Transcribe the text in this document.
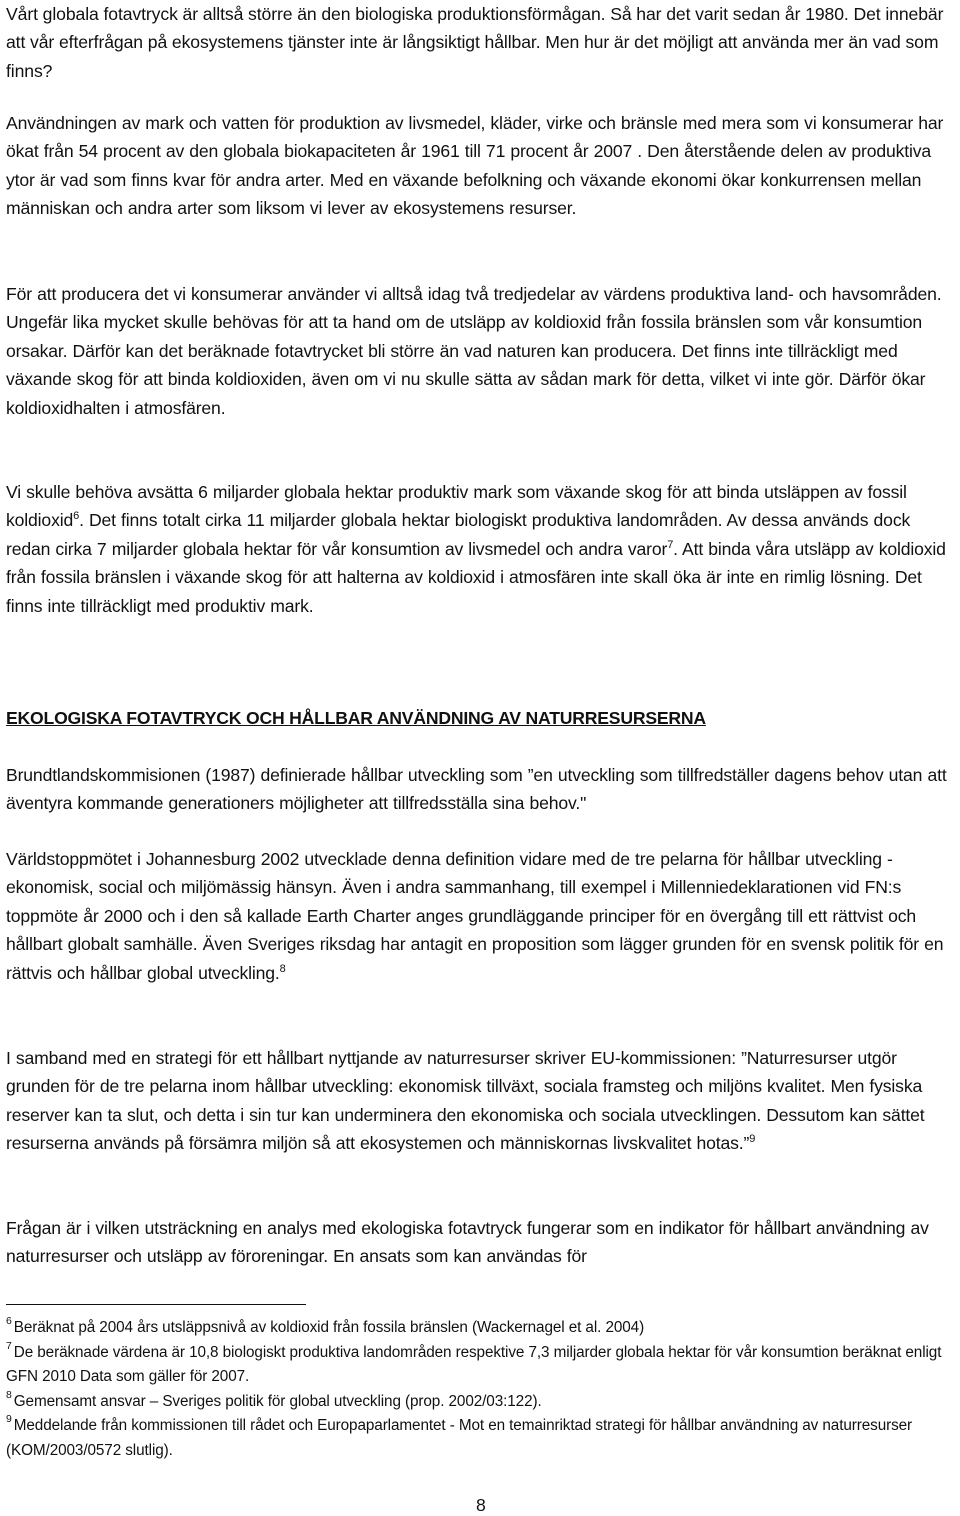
Vårt globala fotavtryck är alltså större än den biologiska produktionsförmågan. Så har det varit sedan år 1980. Det innebär att vår efterfrågan på ekosystemens tjänster inte är långsiktigt hållbar. Men hur är det möjligt att använda mer än vad som finns?

Användningen av mark och vatten för produktion av livsmedel, kläder, virke och bränsle med mera som vi konsumerar har ökat från 54 procent av den globala biokapaciteten år 1961 till 71 procent år 2007 . Den återstående delen av produktiva ytor är vad som finns kvar för andra arter. Med en växande befolkning och växande ekonomi ökar konkurrensen mellan människan och andra arter som liksom vi lever av ekosystemens resurser.

För att producera det vi konsumerar använder vi alltså idag två tredjedelar av värdens produktiva land- och havsområden. Ungefär lika mycket skulle behövas för att ta hand om de utsläpp av koldioxid från fossila bränslen som vår konsumtion orsakar. Därför kan det beräknade fotavtrycket bli större än vad naturen kan producera. Det finns inte tillräckligt med växande skog för att binda koldioxiden, även om vi nu skulle sätta av sådan mark för detta, vilket vi inte gör. Därför ökar koldioxidhalten i atmosfären.

Vi skulle behöva avsätta 6 miljarder globala hektar produktiv mark som växande skog för att binda utsläppen av fossil koldioxid$^6$. Det finns totalt cirka 11 miljarder globala hektar biologiskt produktiva landområden. Av dessa används dock redan cirka 7 miljarder globala hektar för vår konsumtion av livsmedel och andra varor$^7$. Att binda våra utsläpp av koldioxid från fossila bränslen i växande skog för att halterna av koldioxid i atmosfären inte skall öka är inte en rimlig lösning. Det finns inte tillräckligt med produktiv mark.

EKOLOGISKA FOTAVTRYCK OCH HÅLLBAR ANVÄNDNING AV NATURRESURSERNA

Brundtlandskommisionen (1987) definierade hållbar utveckling som ”en utveckling som tillfredställer dagens behov utan att äventyra kommande generationers möjligheter att tillfredsställa sina behov."

Världstoppmötet i Johannesburg 2002 utvecklade denna definition vidare med de tre pelarna för hållbar utveckling - ekonomisk, social och miljömässig hänsyn. Även i andra sammanhang, till exempel i Millenniedeklarationen vid FN:s toppmöte år 2000 och i den så kallade Earth Charter anges grundläggande principer för en övergång till ett rättvist och hållbart globalt samhälle. Även Sveriges riksdag har antagit en proposition som lägger grunden för en svensk politik för en rättvis och hållbar global utveckling.$^8$

I samband med en strategi för ett hållbart nyttjande av naturresurser skriver EU-kommissionen: ”Naturresurser utgör grunden för de tre pelarna inom hållbar utveckling: ekonomisk tillväxt, sociala framsteg och miljöns kvalitet. Men fysiska reserver kan ta slut, och detta i sin tur kan underminera den ekonomiska och sociala utvecklingen. Dessutom kan sättet resurserna används på försämra miljön så att ekosystemen och människornas livskvalitet hotas.”$^9$

Frågan är i vilken utsträckning en analys med ekologiska fotavtryck fungerar som en indikator för hållbart användning av naturresurser och utsläpp av föroreningar. En ansats som kan användas för

$^6$ Beräknat på 2004 års utsläppsnivå av koldioxid från fossila bränslen (Wackernagel et al. 2004)
$^7$ De beräknade värdena är 10,8 biologiskt produktiva landområden respektive 7,3 miljarder globala hektar för vår konsumtion beräknat enligt GFN 2010 Data som gäller för 2007.
$^8$ Gemensamt ansvar – Sveriges politik för global utveckling (prop. 2002/03:122).
$^9$ Meddelande från kommissionen till rådet och Europaparlamentet - Mot en temainriktad strategi för hållbar användning av naturresurser (KOM/2003/0572 slutlig).

8
